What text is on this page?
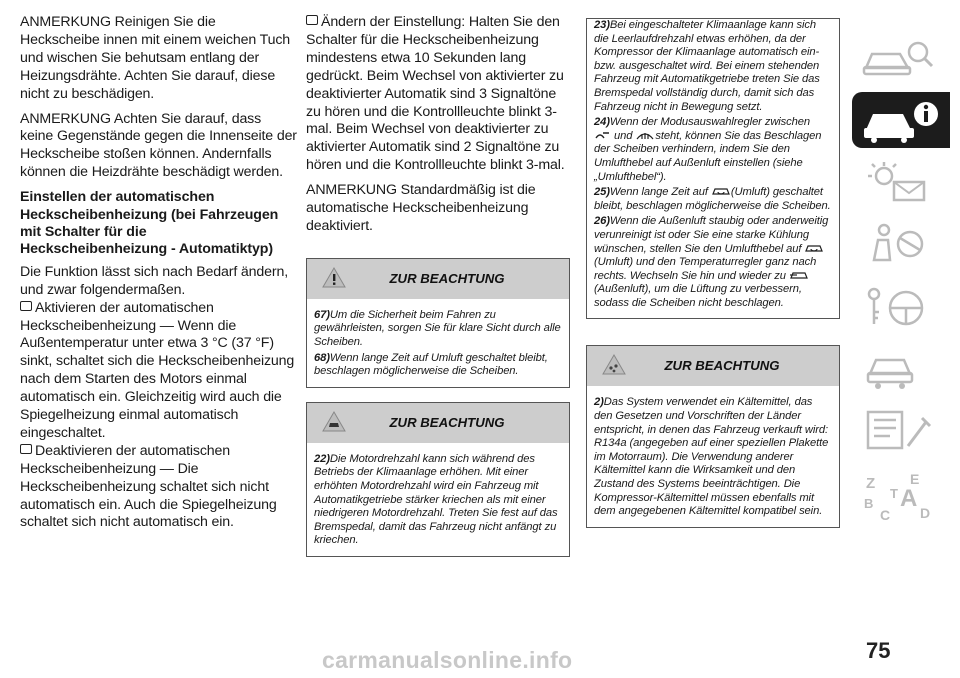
ANMERKUNG Reinigen Sie die Heckscheibe innen mit einem weichen Tuch und wischen Sie behutsam entlang der Heizungsdrähte. Achten Sie darauf, diese nicht zu beschädigen.

ANMERKUNG Achten Sie darauf, dass keine Gegenstände gegen die Innenseite der Heckscheibe stoßen können. Andernfalls können die Heizdrähte beschädigt werden.

Einstellen der automatischen Heckscheibenheizung (bei Fahrzeugen mit Schalter für die Heckscheibenheizung - Automatiktyp)

Die Funktion lässt sich nach Bedarf ändern, und zwar folgendermaßen.

Aktivieren der automatischen Heckscheibenheizung — Wenn die Außentemperatur unter etwa 3 °C (37 °F) sinkt, schaltet sich die Heckscheibenheizung nach dem Starten des Motors einmal automatisch ein. Gleichzeitig wird auch die Spiegelheizung einmal automatisch eingeschaltet.

Deaktivieren der automatischen Heckscheibenheizung — Die Heckscheibenheizung schaltet sich nicht automatisch ein. Auch die Spiegelheizung schaltet sich nicht automatisch ein.

Ändern der Einstellung: Halten Sie den Schalter für die Heckscheibenheizung mindestens etwa 10 Sekunden lang gedrückt. Beim Wechsel von aktivierter zu deaktivierter Automatik sind 3 Signaltöne zu hören und die Kontrollleuchte blinkt 3-mal. Beim Wechsel von deaktivierter zu aktivierter Automatik sind 2 Signaltöne zu hören und die Kontrollleuchte blinkt 3-mal.

ANMERKUNG Standardmäßig ist die automatische Heckscheibenheizung deaktiviert.

ZUR BEACHTUNG

67)Um die Sicherheit beim Fahren zu gewährleisten, sorgen Sie für klare Sicht durch alle Scheiben.

68)Wenn lange Zeit auf Umluft geschaltet bleibt, beschlagen möglicherweise die Scheiben.

ZUR BEACHTUNG

22)Die Motordrehzahl kann sich während des Betriebs der Klimaanlage erhöhen. Mit einer erhöhten Motordrehzahl wird ein Fahrzeug mit Automatikgetriebe stärker kriechen als mit einer niedrigeren Motordrehzahl. Treten Sie fest auf das Bremspedal, damit das Fahrzeug nicht anfängt zu kriechen.

23)Bei eingeschalteter Klimaanlage kann sich die Leerlaufdrehzahl etwas erhöhen, da der Kompressor der Klimaanlage automatisch ein- bzw. ausgeschaltet wird. Bei einem stehenden Fahrzeug mit Automatikgetriebe treten Sie das Bremspedal vollständig durch, damit sich das Fahrzeug nicht in Bewegung setzt.

24)Wenn der Modusauswahlregler zwischen und steht, können Sie das Beschlagen der Scheiben verhindern, indem Sie den Umlufthebel auf Außenluft einstellen (siehe „Umlufthebel“).

25)Wenn lange Zeit auf (Umluft) geschaltet bleibt, beschlagen möglicherweise die Scheiben.

26)Wenn die Außenluft staubig oder anderweitig verunreinigt ist oder Sie eine starke Kühlung wünschen, stellen Sie den Umlufthebel auf (Umluft) und den Temperaturregler ganz nach rechts. Wechseln Sie hin und wieder zu (Außenluft), um die Lüftung zu verbessern, sodass die Scheiben nicht beschlagen.

ZUR BEACHTUNG

2)Das System verwendet ein Kältemittel, das den Gesetzen und Vorschriften der Länder entspricht, in denen das Fahrzeug verkauft wird: R134a (angegeben auf einer speziellen Plakette im Motorraum). Die Verwendung anderer Kältemittel kann die Wirksamkeit und den Zustand des Systems beeinträchtigen. Die Kompressor-Kältemittel müssen ebenfalls mit dem angegebenen Kältemittel kompatibel sein.

Z E
A
B
C
T
D
75
carmanualsonline.info
